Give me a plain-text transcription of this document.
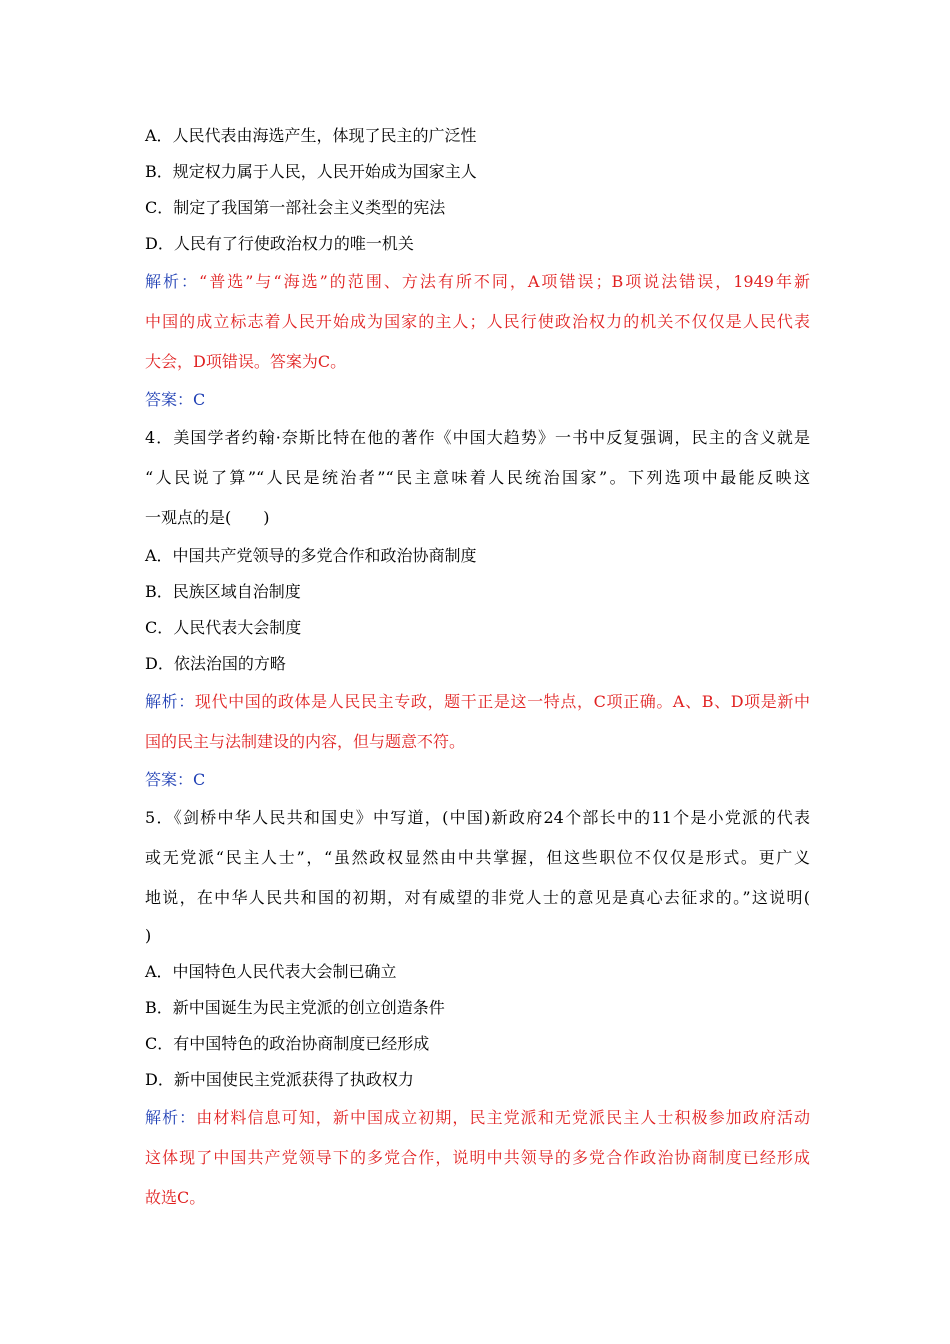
A．人民代表由海选产生，体现了民主的广泛性
B．规定权力属于人民，人民开始成为国家主人
C．制定了我国第一部社会主义类型的宪法
D．人民有了行使政治权力的唯一机关
解析：“普选”与“海选”的范围、方法有所不同，A项错误；B项说法错误，1949年新
中国的成立标志着人民开始成为国家的主人；人民行使政治权力的机关不仅仅是人民代表
大会，D项错误。答案为C。
答案：C
4．美国学者约翰·奈斯比特在他的著作《中国大趋势》一书中反复强调，民主的含义就是
“人民说了算”“人民是统治者”“民主意味着人民统治国家”。下列选项中最能反映这
一观点的是(　　)
A．中国共产党领导的多党合作和政治协商制度
B．民族区域自治制度
C．人民代表大会制度
D．依法治国的方略
解析：现代中国的政体是人民民主专政，题干正是这一特点，C项正确。A、B、D项是新中
国的民主与法制建设的内容，但与题意不符。
答案：C
5．《剑桥中华人民共和国史》中写道，(中国)新政府24个部长中的11个是小党派的代表
或无党派“民主人士”，“虽然政权显然由中共掌握，但这些职位不仅仅是形式。更广义
地说，在中华人民共和国的初期，对有威望的非党人士的意见是真心去征求的。”这说明(
)
A．中国特色人民代表大会制已确立
B．新中国诞生为民主党派的创立创造条件
C．有中国特色的政治协商制度已经形成
D．新中国使民主党派获得了执政权力
解析：由材料信息可知，新中国成立初期，民主党派和无党派民主人士积极参加政府活动
这体现了中国共产党领导下的多党合作，说明中共领导的多党合作政治协商制度已经形成
故选C。
